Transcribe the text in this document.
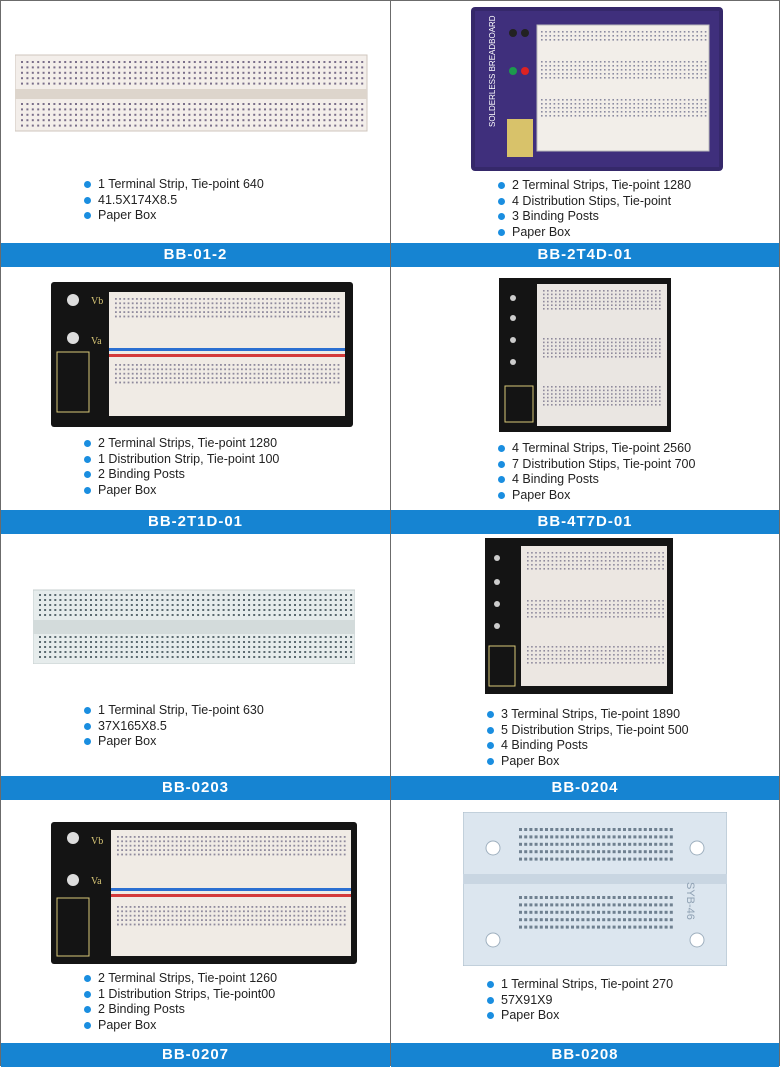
1 Terminal Strip, Tie-point 640
41.5X174X8.5
Paper Box
BB-01-2
SOLDERLESS BREADBOARD
2 Terminal Strips, Tie-point 1280
4 Distribution Stips, Tie-point
3 Binding Posts
Paper Box
BB-2T4D-01
Vb
Va
2 Terminal Strips, Tie-point 1280
1 Distribution Strip, Tie-point 100
2 Binding Posts
Paper Box
BB-2T1D-01
4 Terminal Strips, Tie-point 2560
7 Distribution Stips, Tie-point 700
4 Binding Posts
Paper Box
BB-4T7D-01
1 Terminal Strip, Tie-point 630
37X165X8.5
Paper Box
BB-0203
3 Terminal Strips, Tie-point 1890
5 Distribution Strips, Tie-point 500
4 Binding Posts
Paper Box
BB-0204
Vb
Va
2 Terminal Strips, Tie-point 1260
1 Distribution Strips, Tie-point00
2 Binding Posts
Paper Box
BB-0207
SYB-46
1 Terminal Strips, Tie-point 270
57X91X9
Paper Box
BB-0208
